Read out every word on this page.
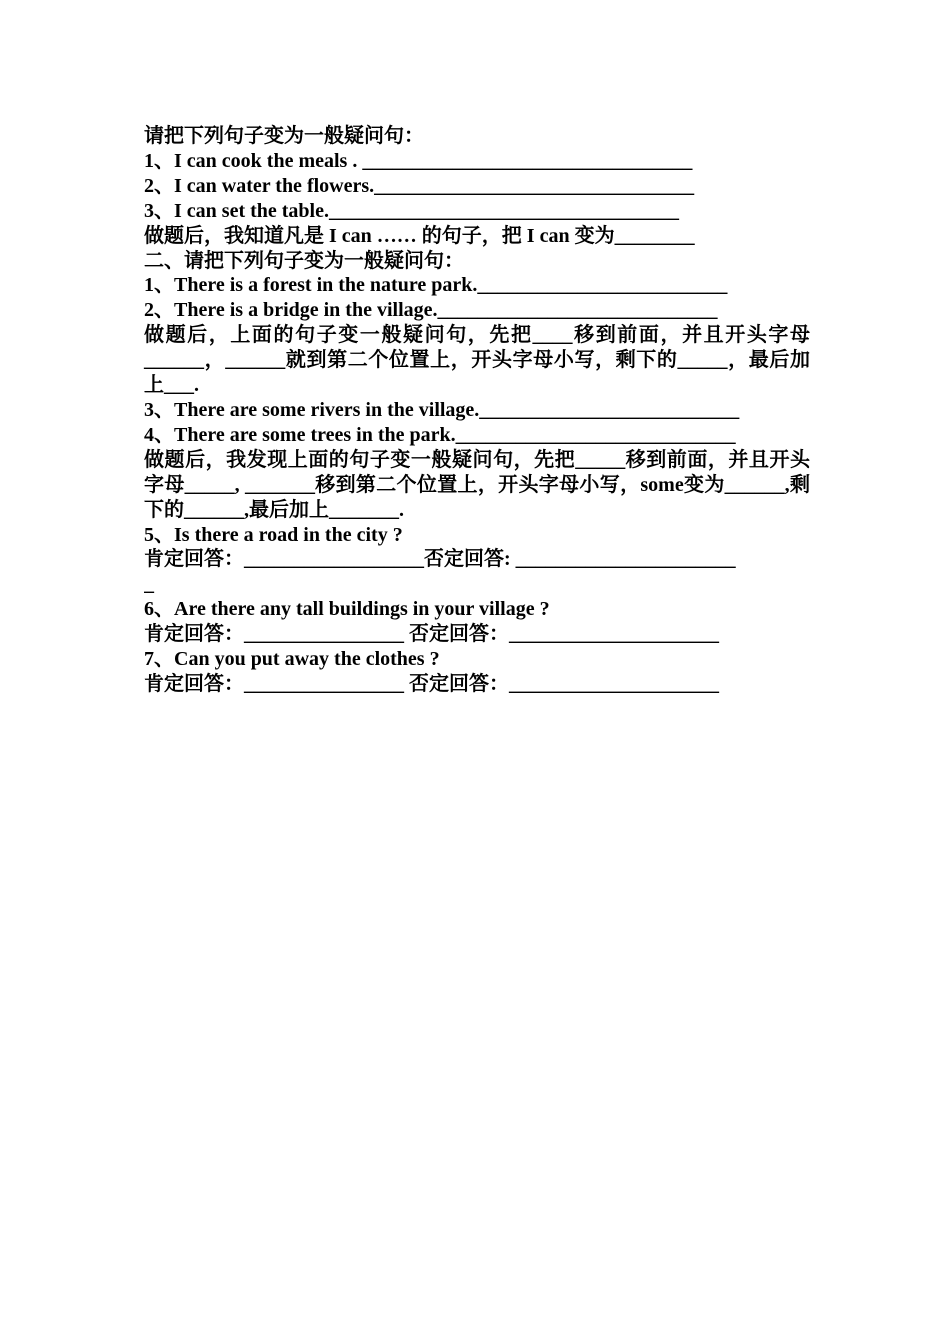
请把下列句子变为一般疑问句：
1、I can cook the meals . _________________________________
2、I can water the flowers.________________________________
3、I can set the table.___________________________________
做题后，我知道凡是 I can …… 的句子，把 I can 变为________
二、请把下列句子变为一般疑问句：
1、There is a forest in the nature park._________________________
2、There is a bridge in the village.____________________________
做题后，上面的句子变一般疑问句，先把____移到前面，并且开头字母______，______就到第二个位置上，开头字母小写，剩下的_____，最后加上___.
3、There are some rivers in the village.__________________________
4、There are some trees in the park.____________________________
做题后，我发现上面的句子变一般疑问句，先把_____移到前面，并且开头字母_____, _______移到第二个位置上，开头字母小写，some变为______,剩下的______,最后加上_______.
5、Is there a road in the city ?
肯定回答：__________________否定回答: ______________________
_
6、Are there any tall buildings in your village ?
肯定回答：________________ 否定回答：_____________________
7、Can you put away the clothes ?
肯定回答：________________ 否定回答：_____________________
